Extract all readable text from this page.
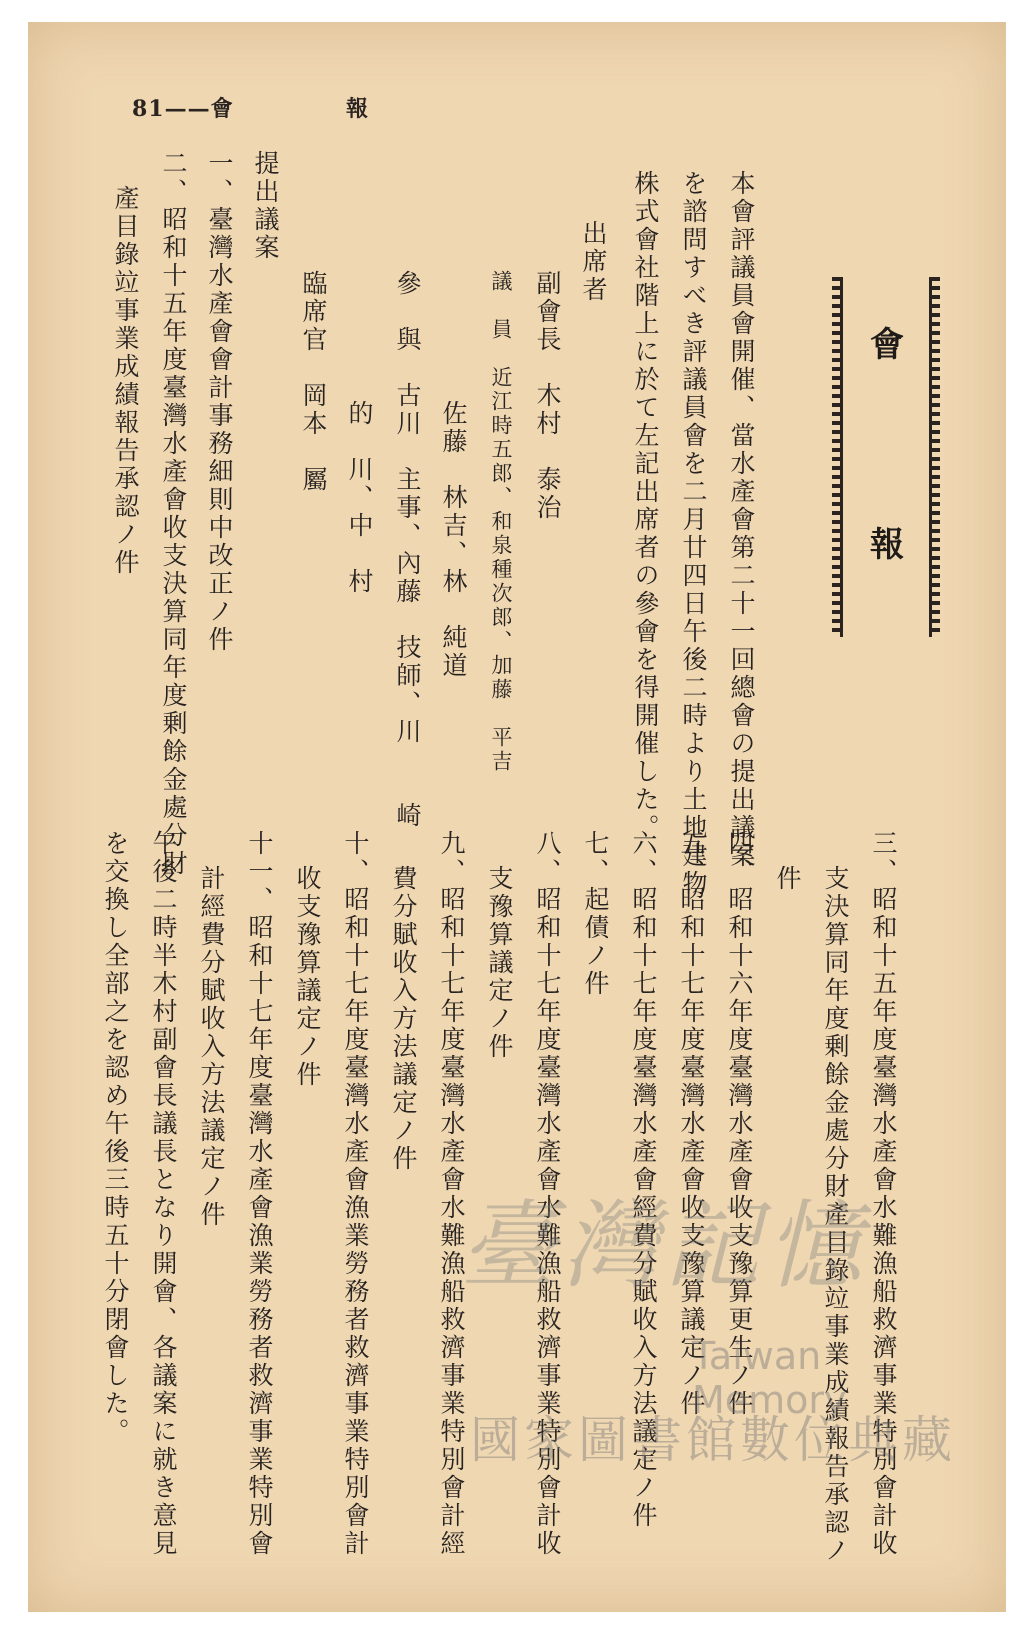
81——會	報
會
報
本會評議員會開催、當水產會第二十一回總會の提出議案
を諮問すべき評議員會を二月廿四日午後二時より土地建物
株式會社階上に於て左記出席者の參會を得開催した。
出席者
副會長　木村　泰治
議　員　近江時五郎、和泉種次郎、加藤　平吉
佐藤　林吉、林　純道
參　與　古川　主事、內藤　技師、川　　崎
的　川、中　村
臨席官　岡本　屬
提出議案
一、臺灣水產會會計事務細則中改正ノ件
二、昭和十五年度臺灣水產會收支決算同年度剰餘金處分財
產目錄竝事業成績報告承認ノ件
三、昭和十五年度臺灣水產會水難漁船救濟事業特別會計收
支決算同年度剰餘金處分財產目錄竝事業成績報告承認ノ
件
四、昭和十六年度臺灣水產會收支豫算更生ノ件
五、昭和十七年度臺灣水產會收支豫算議定ノ件
六、昭和十七年度臺灣水產會經費分賦收入方法議定ノ件
七、起債ノ件
八、昭和十七年度臺灣水產會水難漁船救濟事業特別會計收
支豫算議定ノ件
九、昭和十七年度臺灣水產會水難漁船救濟事業特別會計經
費分賦收入方法議定ノ件
十、昭和十七年度臺灣水產會漁業勞務者救濟事業特別會計
收支豫算議定ノ件
十一、昭和十七年度臺灣水產會漁業勞務者救濟事業特別會
計經費分賦收入方法議定ノ件
午後二時半木村副會長議長となり開會、各議案に就き意見
を交換し全部之を認め午後三時五十分閉會した。	臺灣記憶
Taiwan Memory
國家圖書館數位典藏
